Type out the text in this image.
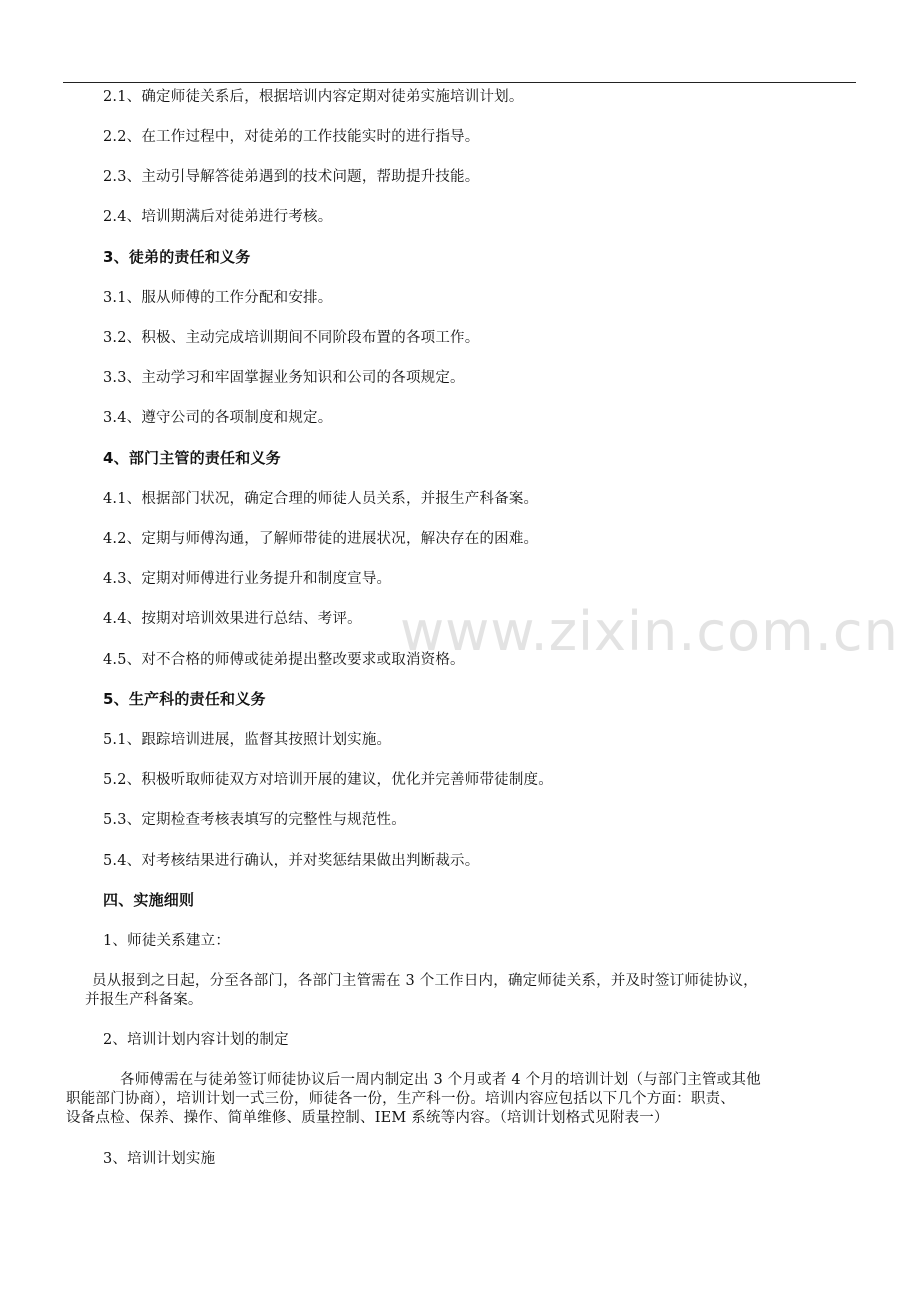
2.1、确定师徒关系后，根据培训内容定期对徒弟实施培训计划。
2.2、在工作过程中，对徒弟的工作技能实时的进行指导。
2.3、主动引导解答徒弟遇到的技术问题，帮助提升技能。
2.4、培训期满后对徒弟进行考核。
3、徒弟的责任和义务
3.1、服从师傅的工作分配和安排。
3.2、积极、主动完成培训期间不同阶段布置的各项工作。
3.3、主动学习和牢固掌握业务知识和公司的各项规定。
3.4、遵守公司的各项制度和规定。
4、部门主管的责任和义务
4.1、根据部门状况，确定合理的师徒人员关系，并报生产科备案。
4.2、定期与师傅沟通，了解师带徒的进展状况，解决存在的困难。
4.3、定期对师傅进行业务提升和制度宣导。
4.4、按期对培训效果进行总结、考评。
4.5、对不合格的师傅或徒弟提出整改要求或取消资格。
5、生产科的责任和义务
5.1、跟踪培训进展，监督其按照计划实施。
5.2、积极听取师徒双方对培训开展的建议，优化并完善师带徒制度。
5.3、定期检查考核表填写的完整性与规范性。
5.4、对考核结果进行确认，并对奖惩结果做出判断裁示。
四、实施细则
1、师徒关系建立：
员从报到之日起，分至各部门，各部门主管需在 3 个工作日内，确定师徒关系，并及时签订师徒协议，
并报生产科备案。
2、培训计划内容计划的制定
各师傅需在与徒弟签订师徒协议后一周内制定出 3 个月或者 4 个月的培训计划（与部门主管或其他
职能部门协商），培训计划一式三份，师徒各一份，生产科一份。培训内容应包括以下几个方面：职责、
设备点检、保养、操作、简单维修、质量控制、IEM 系统等内容。（培训计划格式见附表一）
3、培训计划实施
www.zixin.com.cn
